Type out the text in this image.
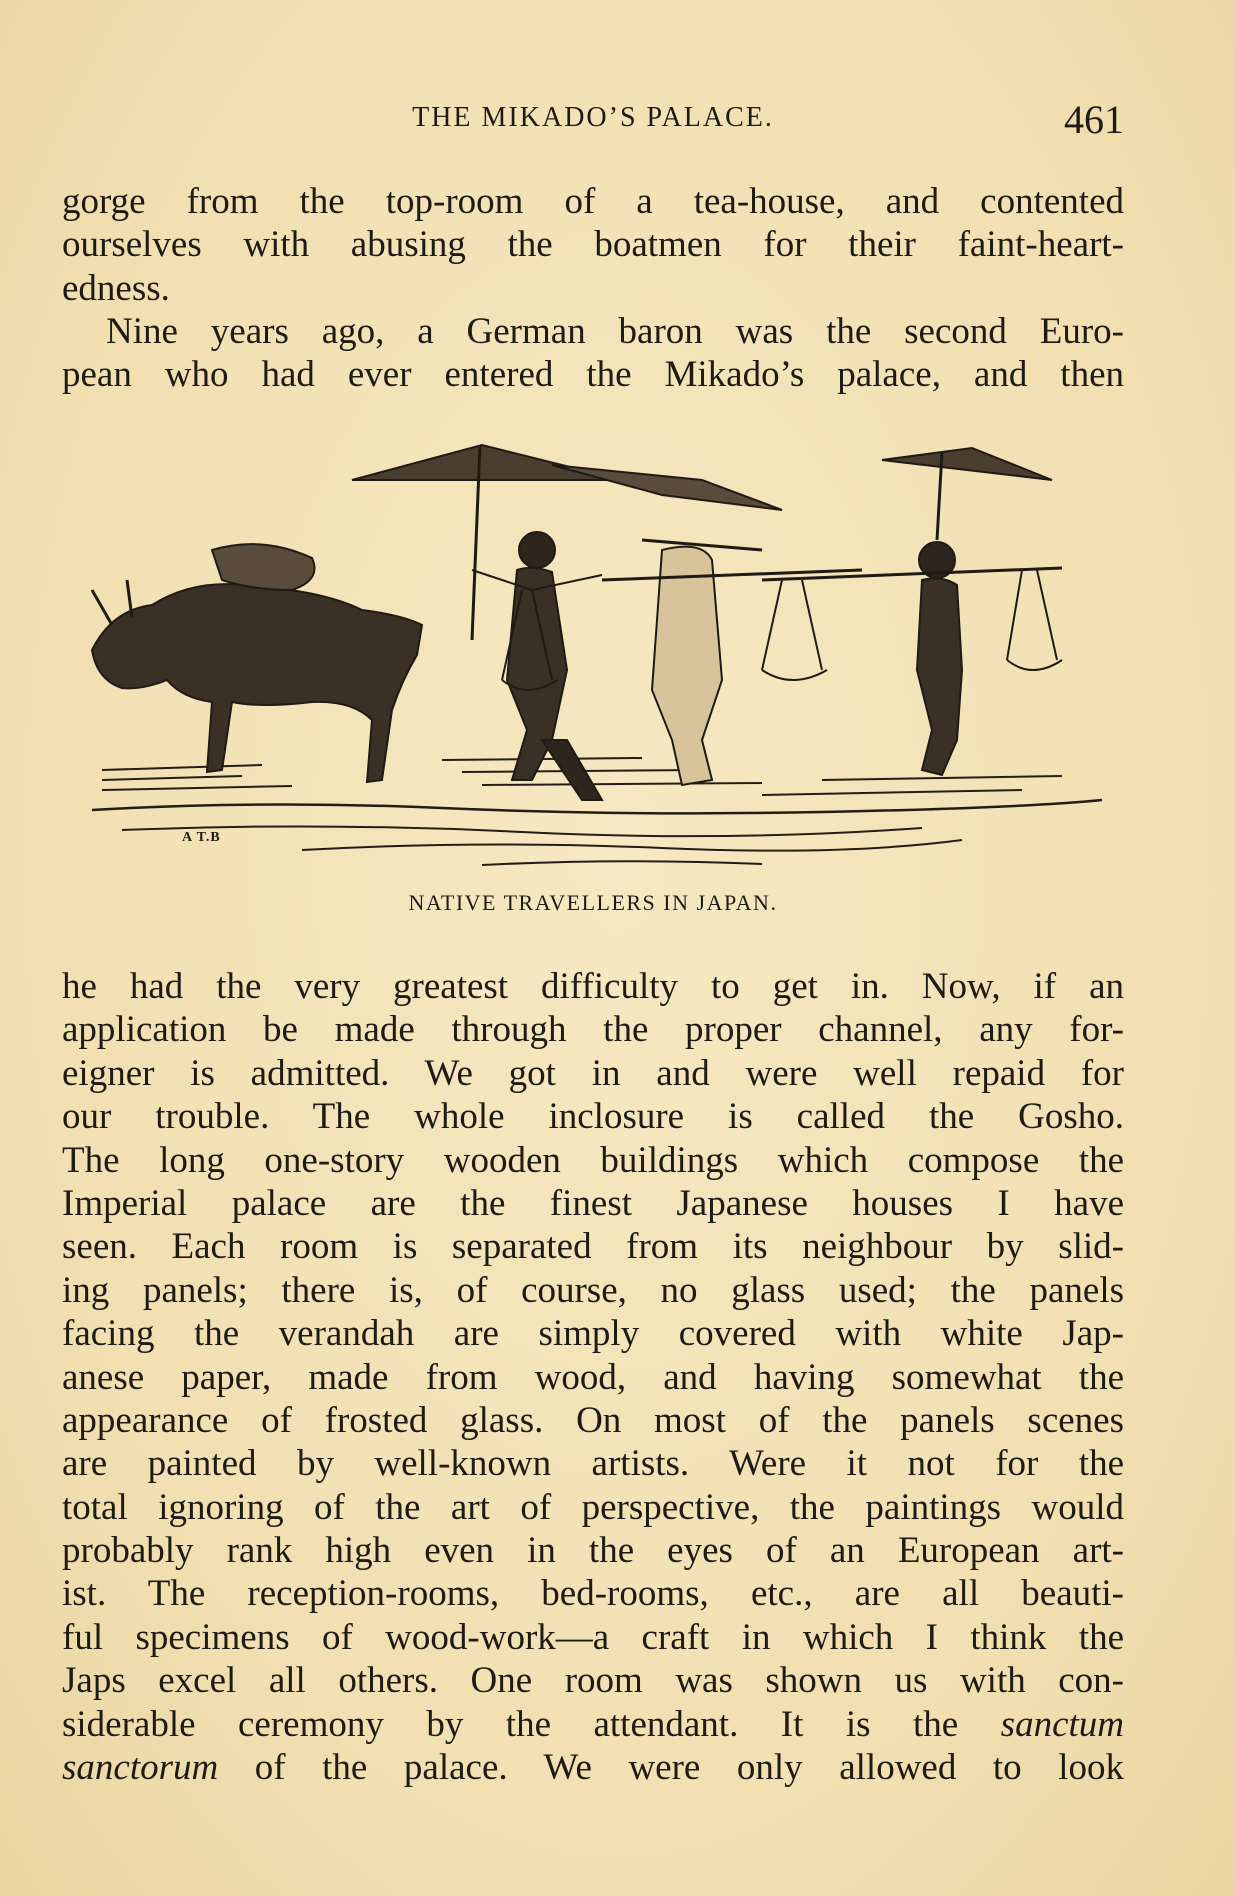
THE MIKADO’S PALACE.	461
gorge from the top-room of a tea-house, and contented
ourselves with abusing the boatmen for their faint-heart-
edness.
Nine years ago, a German baron was the second Euro-
pean who had ever entered the Mikado’s palace, and then
A T.B
NATIVE TRAVELLERS IN JAPAN.
he had the very greatest difficulty to get in. Now, if an
application be made through the proper channel, any for-
eigner is admitted. We got in and were well repaid for
our trouble. The whole inclosure is called the Gosho.
The long one-story wooden buildings which compose the
Imperial palace are the finest Japanese houses I have
seen. Each room is separated from its neighbour by slid-
ing panels; there is, of course, no glass used; the panels
facing the verandah are simply covered with white Jap-
anese paper, made from wood, and having somewhat the
appearance of frosted glass. On most of the panels scenes
are painted by well-known artists. Were it not for the
total ignoring of the art of perspective, the paintings would
probably rank high even in the eyes of an European art-
ist. The reception-rooms, bed-rooms, etc., are all beauti-
ful specimens of wood-work—a craft in which I think the
Japs excel all others. One room was shown us with con-
siderable ceremony by the attendant. It is the sanctum
sanctorum of the palace. We were only allowed to look
